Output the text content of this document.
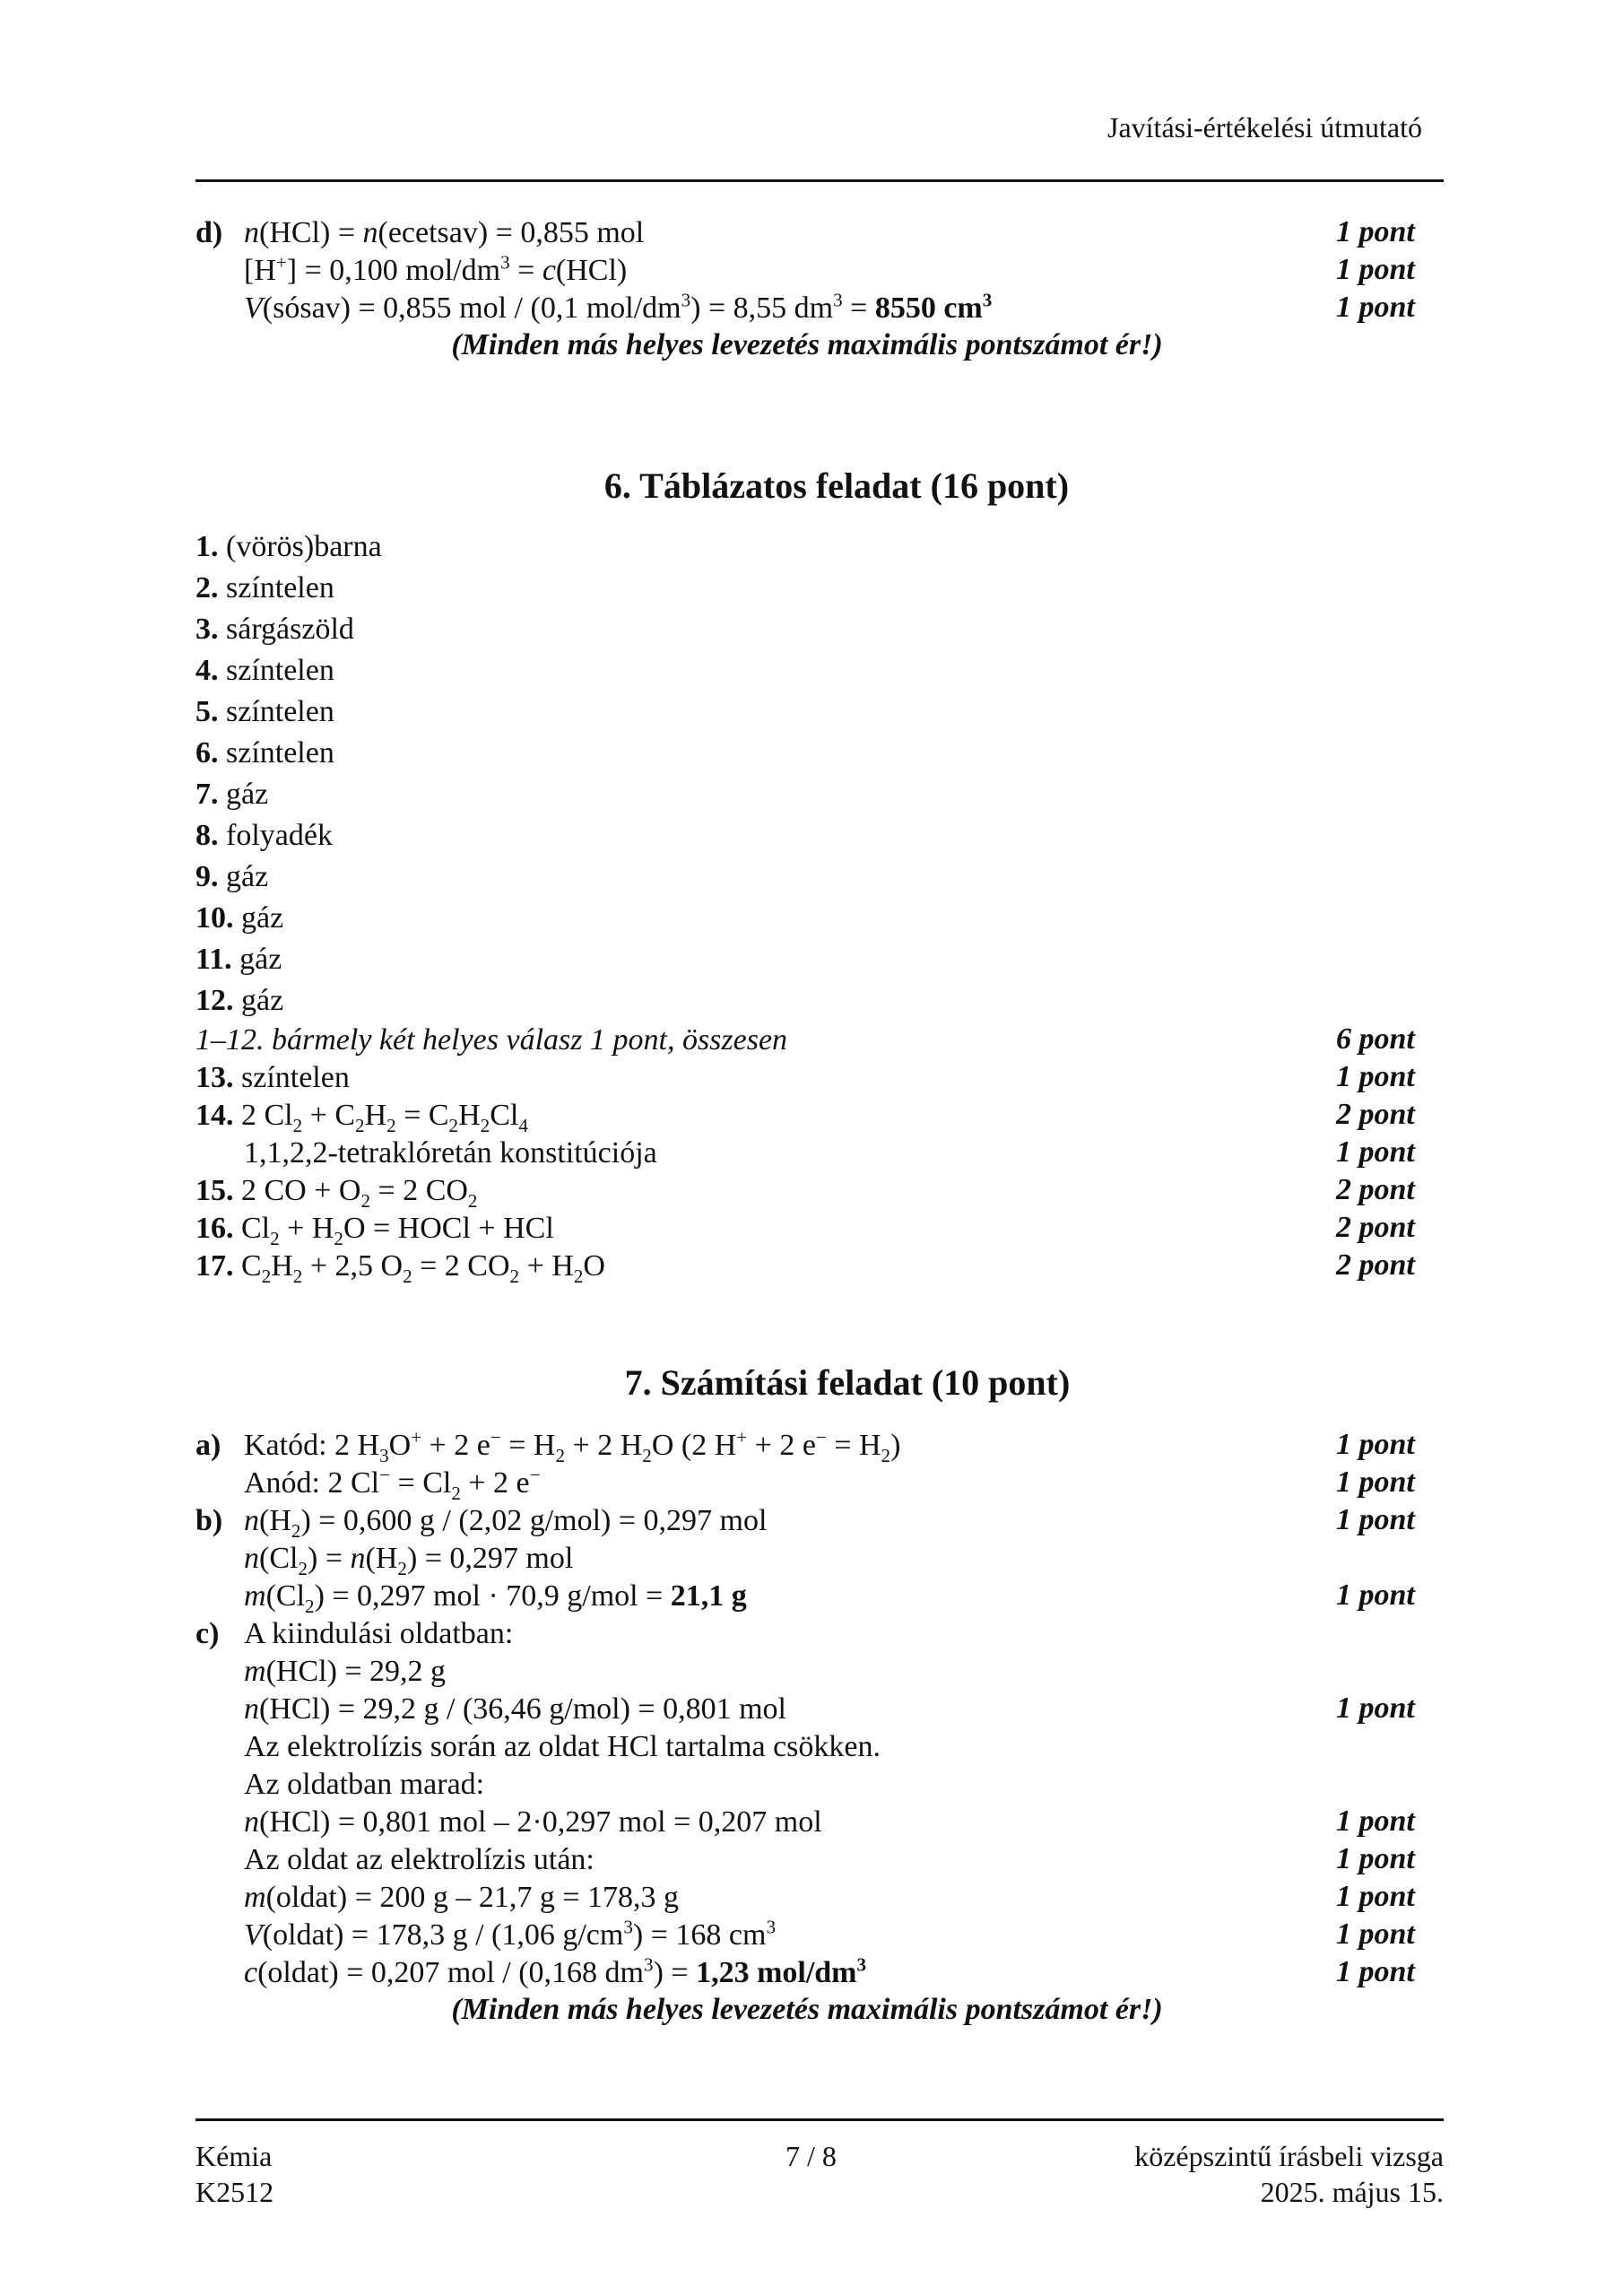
Javítási-értékelési útmutató
d) n(HCl) = n(ecetsav) = 0,855 mol	1 pont
[H+] = 0,100 mol/$dm^3 = c(HCl)$	1 pont
V(sósav) = 0,855 mol / (0,1 mol/$dm^3) = 8,55$ $dm^3 = 8550$ $cm^3$	1 pont
(Minden más helyes levezetés maximális pontszámot ér!)
6. Táblázatos feladat (16 pont)
1. (vörös)barna
2. színtelen
3. sárgászöld
4. színtelen
5. színtelen
6. színtelen
7. gáz
8. folyadék
9. gáz
10. gáz
11. gáz
12. gáz
1–12. bármely két helyes válasz 1 pont, összesen	6 pont
13. színtelen	1 pont
14. 2 $Cl_2 + C_2H_2 = C_2H_2Cl_4$	2 pont
1,1,2,2-tetraklóretán konstitúciója	1 pont
15. 2 CO + $O_2 = 2$ $CO_2$	2 pont
16. $Cl_2 + H_2O$ = HOCl + HCl	2 pont
17. $C_2H_2 + 2,5$ $O_2 = 2$ $CO_2 + H_2O$	2 pont
7. Számítási feladat (10 pont)
a) Katód: 2 $H_3O^+ + 2$ $e^- = H_2 + 2$ $H_2O$ (2 H+ + 2 $e^- = H_2$)	1 pont
Anód: 2 $Cl^- = Cl_2 + 2$ e−	1 pont
b) $n(H_2) = 0,600$ g / (2,02 g/mol) = 0,297 mol	1 pont
$n(Cl_2) = n(H_2) = 0,297$ mol
$m(Cl_2) = 0,297$ mol · 70,9 g/mol = 21,1 g	1 pont
c) A kiindulási oldatban:
m(HCl) = 29,2 g
n(HCl) = 29,2 g / (36,46 g/mol) = 0,801 mol	1 pont
Az elektrolízis során az oldat HCl tartalma csökken.
Az oldatban marad:
n(HCl) = 0,801 mol – 2·0,297 mol = 0,207 mol	1 pont
Az oldat az elektrolízis után:	1 pont
m(oldat) = 200 g – 21,7 g = 178,3 g	1 pont
V(oldat) = 178,3 g / (1,06 $g/cm^3) = 168$ $cm^3$	1 pont
c(oldat) = 0,207 mol / (0,168 $dm^3) = 1,23$ mol/$dm^3$	1 pont
(Minden más helyes levezetés maximális pontszámot ér!)
Kémia
K2512
7 / 8	középszintű írásbeli vizsga
2025. május 15.
